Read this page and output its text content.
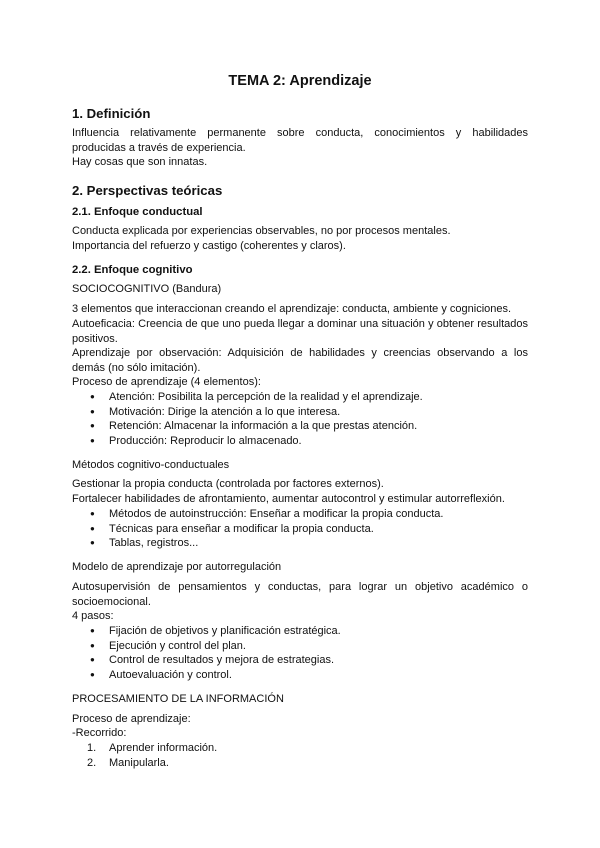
TEMA 2: Aprendizaje
1. Definición
Influencia relativamente permanente sobre conducta, conocimientos y habilidades producidas a través de experiencia.
Hay cosas que son innatas.
2. Perspectivas teóricas
2.1. Enfoque conductual
Conducta explicada por experiencias observables, no por procesos mentales.
Importancia del refuerzo y castigo (coherentes y claros).
2.2. Enfoque cognitivo
SOCIOCOGNITIVO (Bandura)
3 elementos que interaccionan creando el aprendizaje: conducta, ambiente y cogniciones.
Autoeficacia: Creencia de que uno pueda llegar a dominar una situación y obtener resultados positivos.
Aprendizaje por observación: Adquisición de habilidades y creencias observando a los demás (no sólo imitación).
Proceso de aprendizaje (4 elementos):
● Atención: Posibilita la percepción de la realidad y el aprendizaje.
● Motivación: Dirige la atención a lo que interesa.
● Retención: Almacenar la información a la que prestas atención.
● Producción: Reproducir lo almacenado.
Métodos cognitivo-conductuales
Gestionar la propia conducta (controlada por factores externos).
Fortalecer habilidades de afrontamiento, aumentar autocontrol y estimular autorreflexión.
● Métodos de autoinstrucción: Enseñar a modificar la propia conducta.
● Técnicas para enseñar a modificar la propia conducta.
● Tablas, registros...
Modelo de aprendizaje por autorregulación
Autosupervisión de pensamientos y conductas, para lograr un objetivo académico o socioemocional.
4 pasos:
● Fijación de objetivos y planificación estratégica.
● Ejecución y control del plan.
● Control de resultados y mejora de estrategias.
● Autoevaluación y control.
PROCESAMIENTO DE LA INFORMACIÓN
Proceso de aprendizaje:
-Recorrido:
1. Aprender información.
2. Manipularla.
